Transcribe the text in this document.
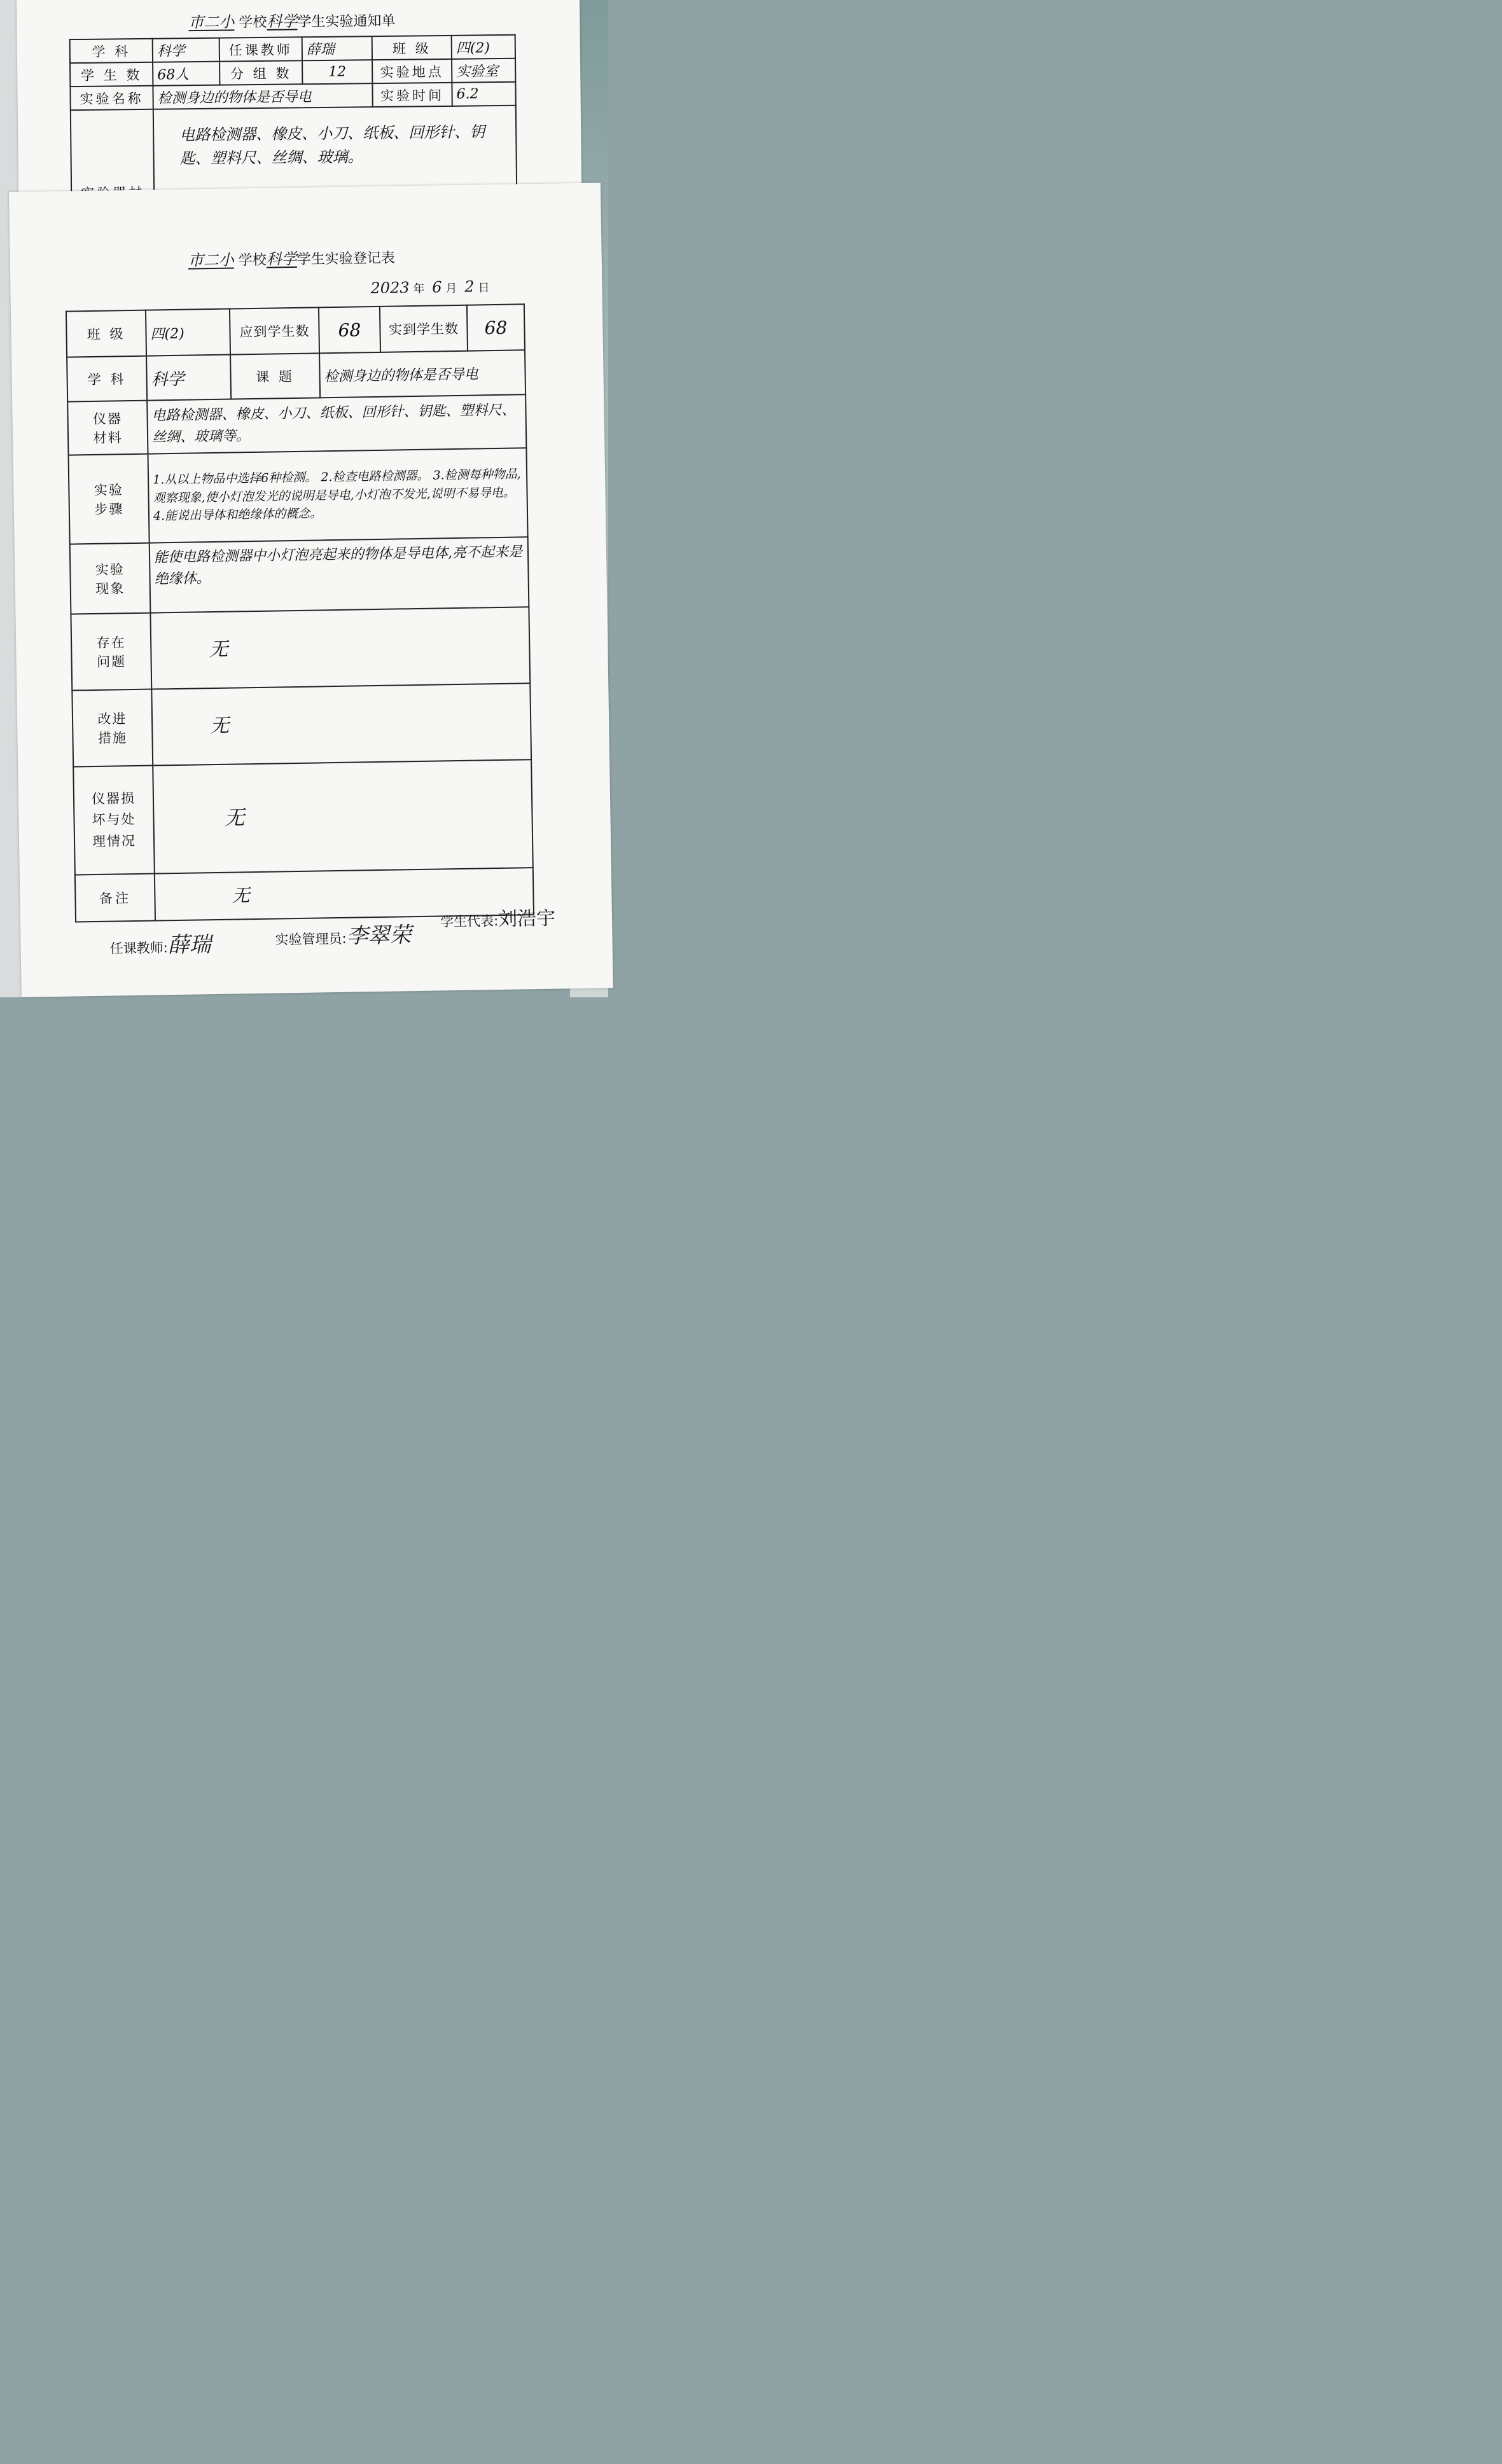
市二小 学校科学学生实验通知单
学 科	科学	任课教师	薛瑞	班 级	四(2)
学 生 数	68人	分 组 数	12	实验地点	实验室
实验名称	检测身边的物体是否导电			实验时间	6.2
	电路检测器、橡皮、小刀、纸板、回形针、钥匙、塑料尺、丝绸、玻璃。				
市二小 学校科学学生实验登记表
2023 年 6 月 2 日
班 级	四(2)	应到学生数	68	实到学生数	68
学 科	科学	课 题	检测身边的物体是否导电		
仪器材料	电路检测器、橡皮、小刀、纸板、回形针、钥匙、塑料尺、丝绸、玻璃等。				
实验步骤	1.从以上物品中选择6种检测。 2.检查电路检测器。 3.检测每种物品,观察现象,使小灯泡发光的说明是导电,小灯泡不发光,说明不易导电。 4.能说出导体和绝缘体的概念。				
实验现象	能使电路检测器中小灯泡亮起来的物体是导电体,亮不起来是绝缘体。				
存在问题	无				
改进措施	无				
仪器损坏与处理情况	无				
备注	无				
任课教师:薛瑞	实验管理员:李翠荣
学生代表:刘浩宇
